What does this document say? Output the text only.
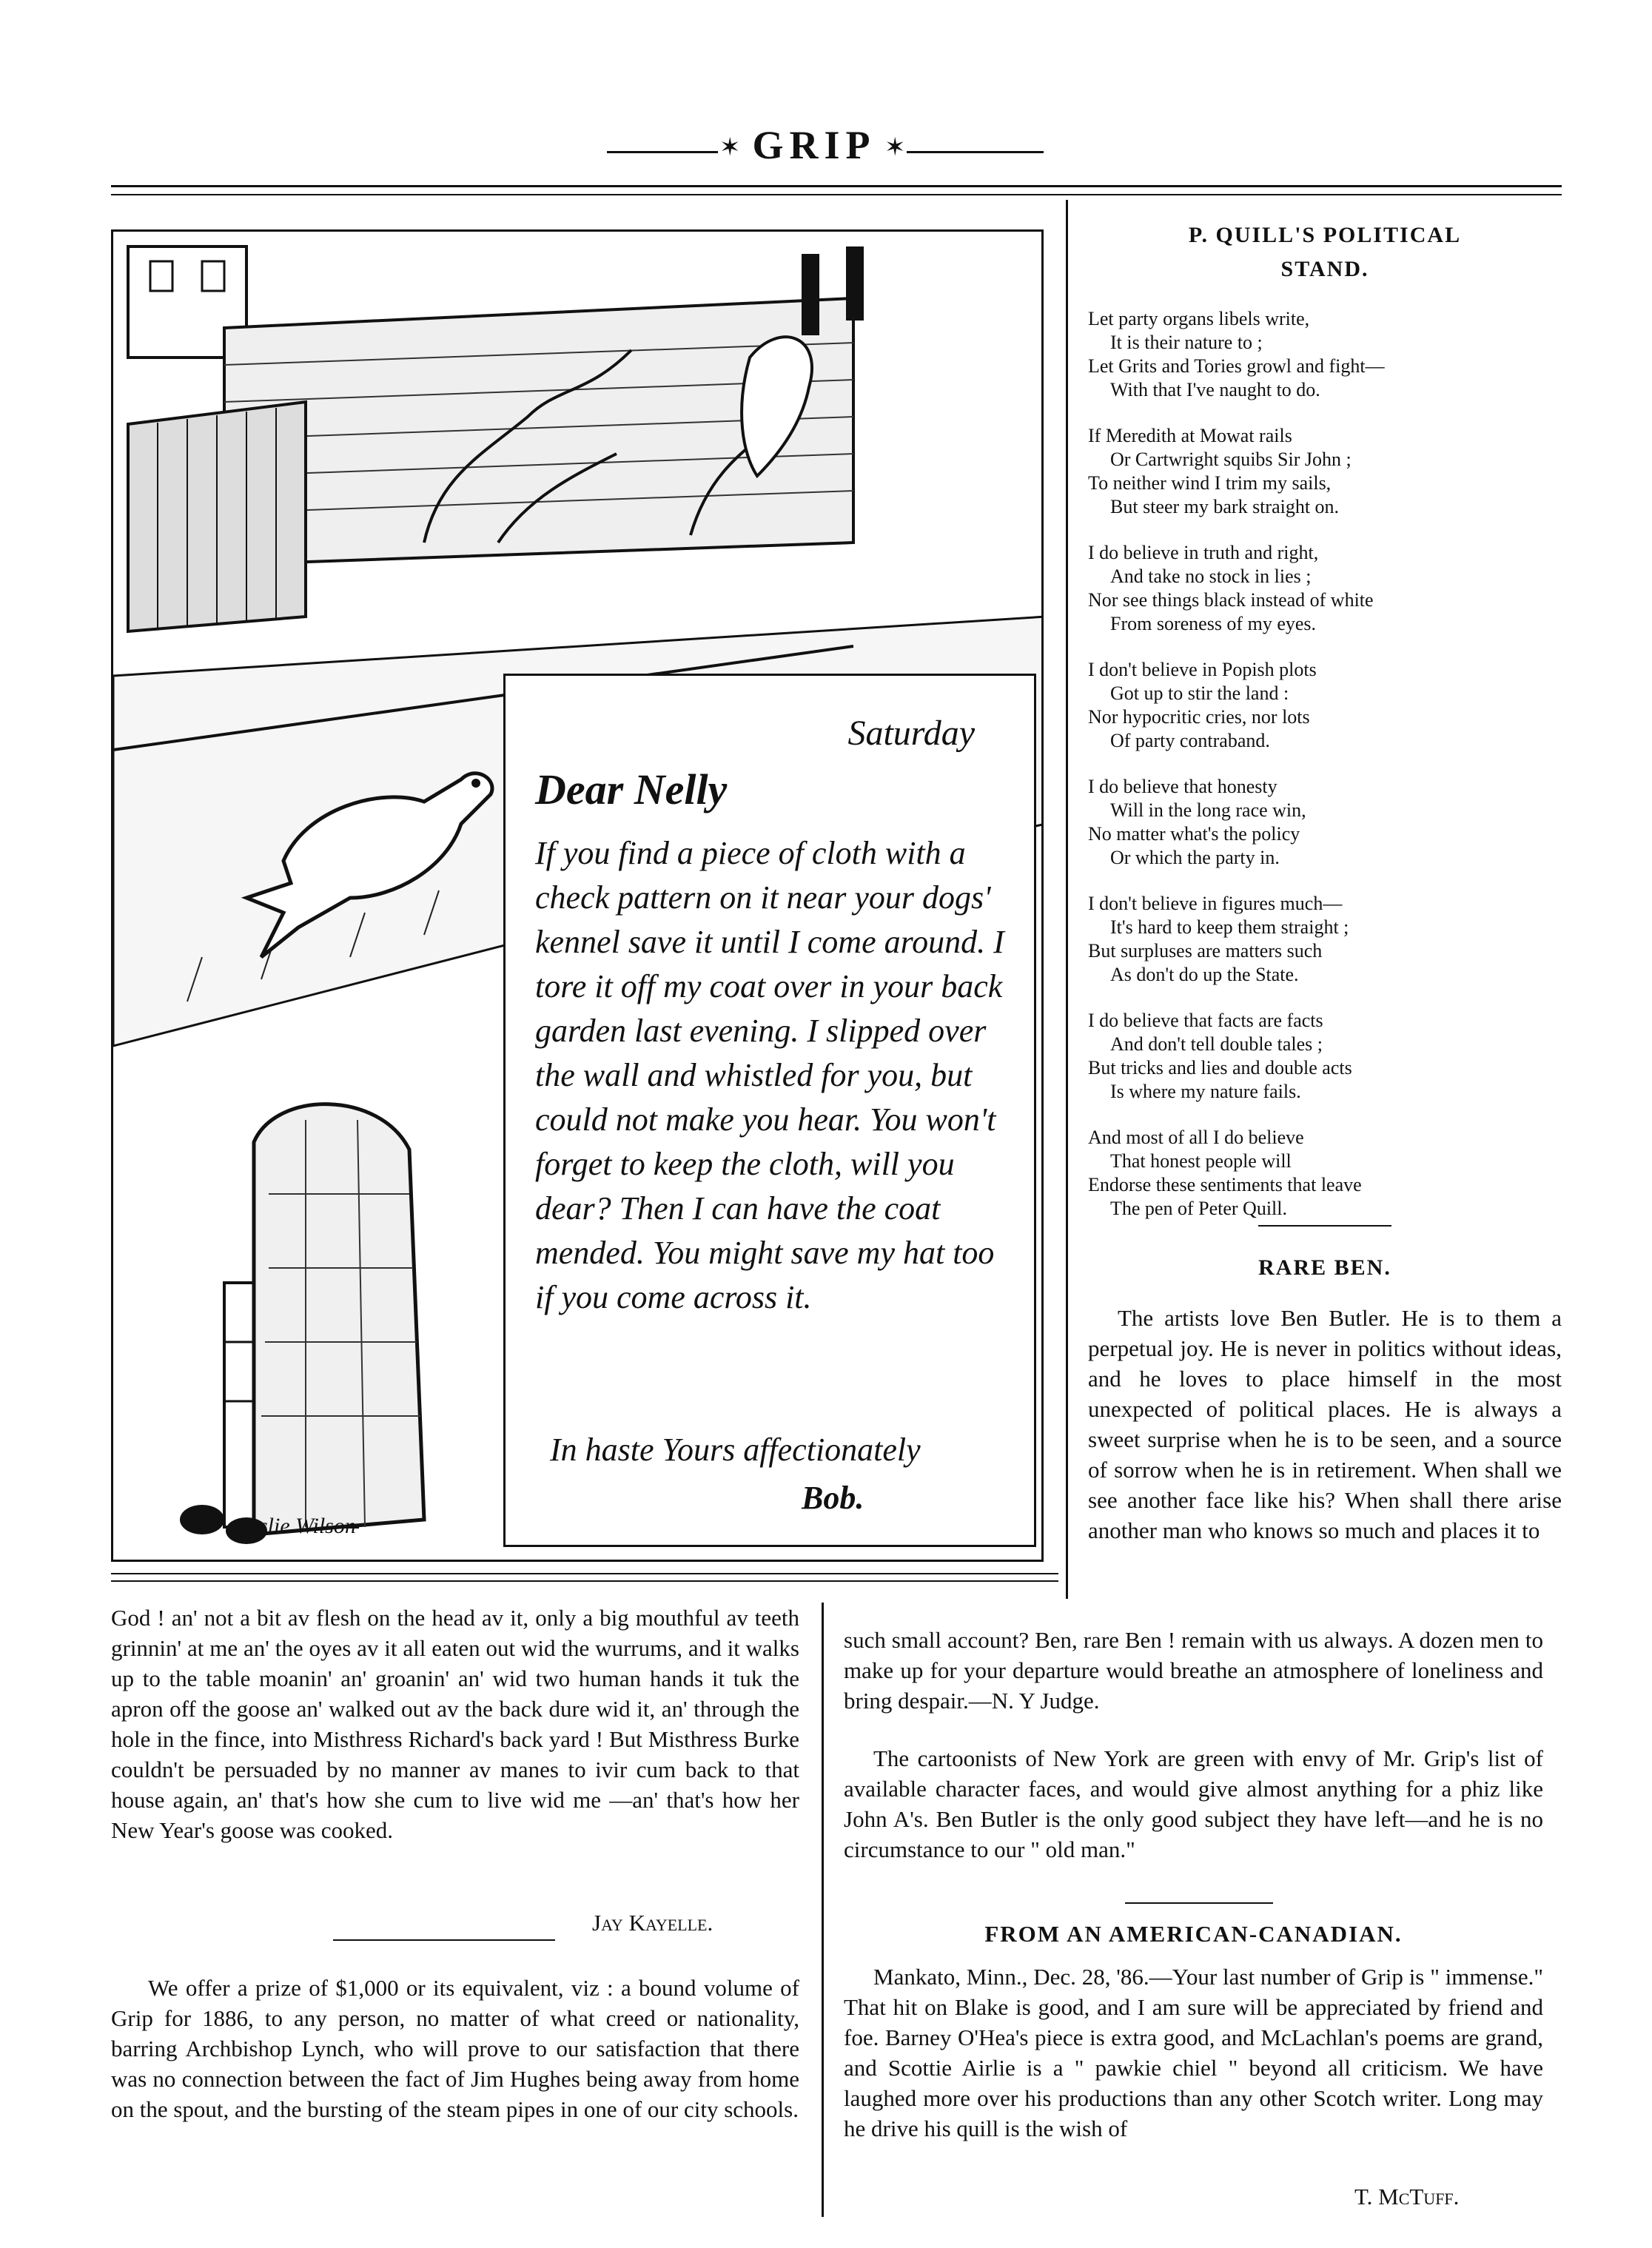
✶ GRIP ✶
Saturday
Dear Nelly
If you find a piece of cloth with a check pattern on it near your dogs' kennel save it until I come around. I tore it off my coat over in your back garden last evening. I slipped over the wall and whistled for you, but could not make you hear. You won't forget to keep the cloth, will you dear? Then I can have the coat mended. You might save my hat too if you come across it.
In haste Yours affectionately
Bob.
Leslie Wilson
P. QUILL'S POLITICAL
STAND.
Let party organs libels write,
It is their nature to ;
Let Grits and Tories growl and fight—
With that I've naught to do.
If Meredith at Mowat rails
Or Cartwright squibs Sir John ;
To neither wind I trim my sails,
But steer my bark straight on.
I do believe in truth and right,
And take no stock in lies ;
Nor see things black instead of white
From soreness of my eyes.
I don't believe in Popish plots
Got up to stir the land :
Nor hypocritic cries, nor lots
Of party contraband.
I do believe that honesty
Will in the long race win,
No matter what's the policy
Or which the party in.
I don't believe in figures much—
It's hard to keep them straight ;
But surpluses are matters such
As don't do up the State.
I do believe that facts are facts
And don't tell double tales ;
But tricks and lies and double acts
Is where my nature fails.
And most of all I do believe
That honest people will
Endorse these sentiments that leave
The pen of Peter Quill.
RARE BEN.
The artists love Ben Butler. He is to them a perpetual joy. He is never in politics without ideas, and he loves to place himself in the most unexpected of political places. He is always a sweet surprise when he is to be seen, and a source of sorrow when he is in retirement. When shall we see another face like his? When shall there arise another man who knows so much and places it to
God ! an' not a bit av flesh on the head av it, only a big mouthful av teeth grinnin' at me an' the oyes av it all eaten out wid the wurrums, and it walks up to the table moanin' an' groanin' an' wid two human hands it tuk the apron off the goose an' walked out av the back dure wid it, an' through the hole in the fince, into Misthress Richard's back yard ! But Misthress Burke couldn't be persuaded by no manner av manes to ivir cum back to that house again, an' that's how she cum to live wid me —an' that's how her New Year's goose was cooked.
Jay Kayelle.
We offer a prize of $1,000 or its equivalent, viz : a bound volume of Grip for 1886, to any person, no matter of what creed or nationality, barring Archbishop Lynch, who will prove to our satisfaction that there was no connection between the fact of Jim Hughes being away from home on the spout, and the bursting of the steam pipes in one of our city schools.
such small account? Ben, rare Ben ! remain with us always. A dozen men to make up for your departure would breathe an atmosphere of loneliness and bring despair.—N. Y Judge.
The cartoonists of New York are green with envy of Mr. Grip's list of available character faces, and would give almost anything for a phiz like John A's. Ben Butler is the only good subject they have left—and he is no circumstance to our " old man."
FROM AN AMERICAN-CANADIAN.
Mankato, Minn., Dec. 28, '86.—Your last number of Grip is " immense." That hit on Blake is good, and I am sure will be appreciated by friend and foe. Barney O'Hea's piece is extra good, and McLachlan's poems are grand, and Scottie Airlie is a " pawkie chiel " beyond all criticism. We have laughed more over his productions than any other Scotch writer. Long may he drive his quill is the wish of
T. McTuff.
